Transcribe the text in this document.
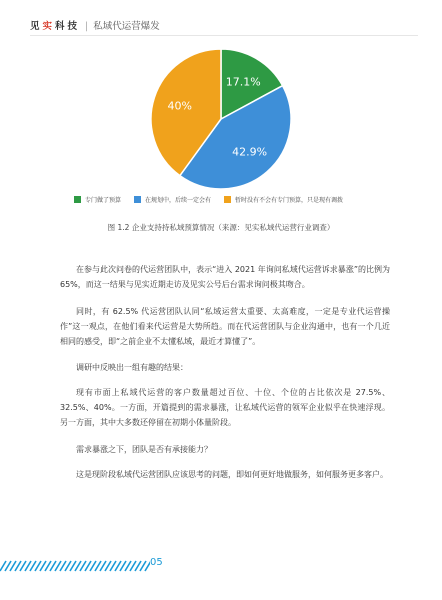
见实科技 | 私域代运营爆发
17.1%
42.9%
40%
专门做了预算	在规划中，后续一定会有	暂时没有不会有专门预算，只是现有调拨
图 1.2 企业支持持私域预算情况（来源：见实私域代运营行业调查）

在参与此次问卷的代运营团队中，表示“进入 2021 年询问私域代运营诉求暴涨”的比例为 65%，而这一结果与见实近期走访及见实公号后台需求询问极其吻合。

同时，有 62.5% 代运营团队认同“私域运营太重要、太高难度，一定是专业代运营操作”这一观点，在他们看来代运营是大势所趋。而在代运营团队与企业沟通中，也有一个几近相同的感受，即“之前企业不太懂私域，最近才算懂了”。

调研中反映出一组有趣的结果：

现有市面上私域代运营的客户数量超过百位、十位、个位的占比依次是 27.5%、32.5%、40%。一方面，开篇提到的需求暴涨，让私域代运营的领军企业似乎在快速浮现。另一方面，其中大多数还停留在初期小体量阶段。

需求暴涨之下，团队是否有承接能力？

这是现阶段私域代运营团队应该思考的问题，即如何更好地做服务，如何服务更多客户。

05
